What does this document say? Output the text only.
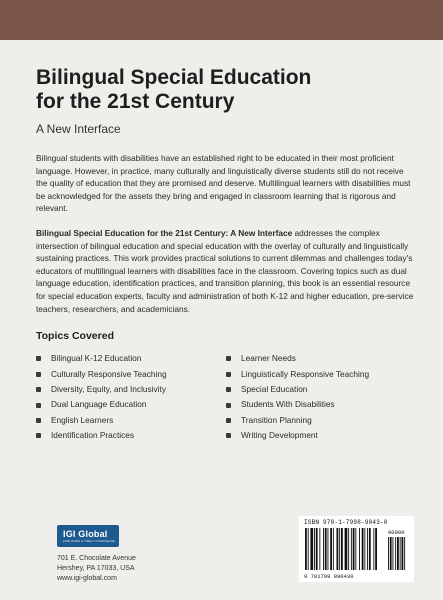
Bilingual Special Education
for the 21st Century
A New Interface

Bilingual students with disabilities have an established right to be educated in their most proficient language. However, in practice, many culturally and linguistically diverse students still do not receive the quality of education that they are promised and deserve. Multilingual learners with disabilities must be acknowledged for the assets they bring and engaged in classroom learning that is rigorous and relevant.

Bilingual Special Education for the 21st Century: A New Interface addresses the complex intersection of bilingual education and special education with the overlay of culturally and linguistically sustaining practices. This work provides practical solutions to current dilemmas and challenges today's educators of multilingual learners with disabilities face in the classroom. Covering topics such as dual language education, identification practices, and transition planning, this book is an essential resource for special education experts, faculty and administration of both K-12 and higher education, pre-service teachers, researchers, and academicians.

Topics Covered
Bilingual K-12 Education
Culturally Responsive Teaching
Diversity, Equity, and Inclusivity
Dual Language Education
English Learners
Identification Practices
Learner Needs
Linguistically Responsive Teaching
Special Education
Students With Disabilities
Transition Planning
Writing Development
IGI Global
PUBLISHER of TIMELY KNOWLEDGE
701 E. Chocolate Avenue
Hershey, PA 17033, USA
www.igi-global.com
ISBN 978-1-7998-9043-0
90000
9 781799 890430
